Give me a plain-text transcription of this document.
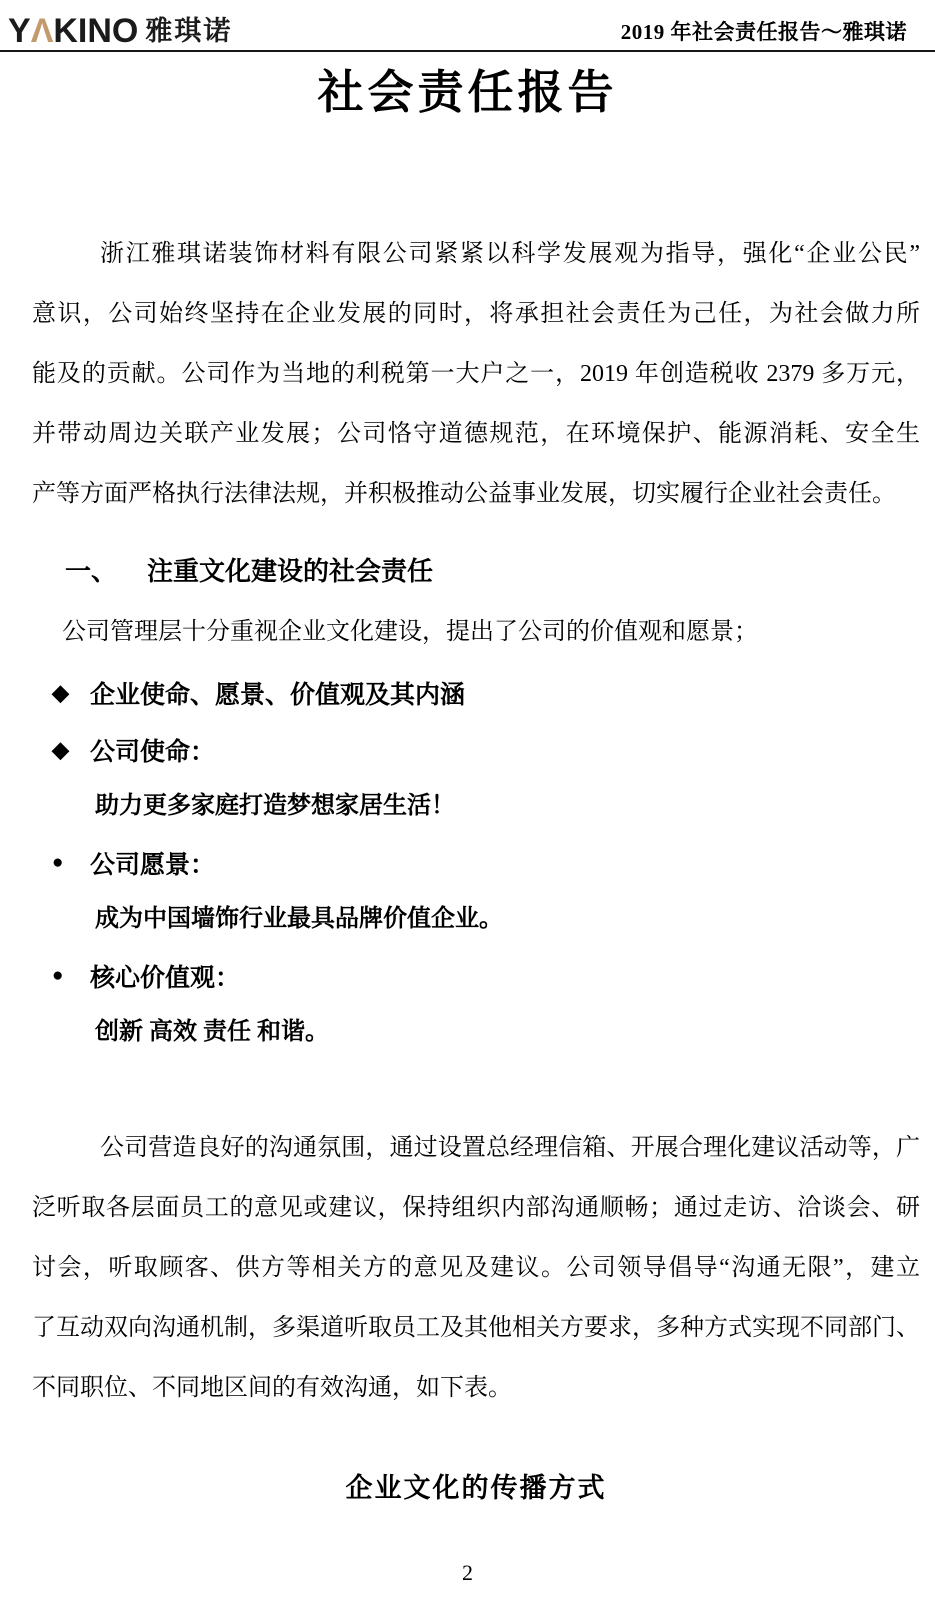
YΛKINO 雅琪诺	2019 年社会责任报告～雅琪诺
社会责任报告
浙江雅琪诺装饰材料有限公司紧紧以科学发展观为指导，强化“企业公民”
意识，公司始终坚持在企业发展的同时，将承担社会责任为己任，为社会做力所
能及的贡献。公司作为当地的利税第一大户之一，2019 年创造税收 2379 多万元，
并带动周边关联产业发展；公司恪守道德规范，在环境保护、能源消耗、安全生
产等方面严格执行法律法规，并积极推动公益事业发展，切实履行企业社会责任。
一、 注重文化建设的社会责任
公司管理层十分重视企业文化建设，提出了公司的价值观和愿景；
◆ 企业使命、愿景、价值观及其内涵
◆ 公司使命：
助力更多家庭打造梦想家居生活！
●	公司愿景：
成为中国墙饰行业最具品牌价值企业。
●	核心价值观：
创新 高效 责任 和谐。
公司营造良好的沟通氛围，通过设置总经理信箱、开展合理化建议活动等，广
泛听取各层面员工的意见或建议，保持组织内部沟通顺畅；通过走访、洽谈会、研
讨会，听取顾客、供方等相关方的意见及建议。公司领导倡导“沟通无限”，建立
了互动双向沟通机制，多渠道听取员工及其他相关方要求，多种方式实现不同部门、
不同职位、不同地区间的有效沟通，如下表。
企业文化的传播方式
2
